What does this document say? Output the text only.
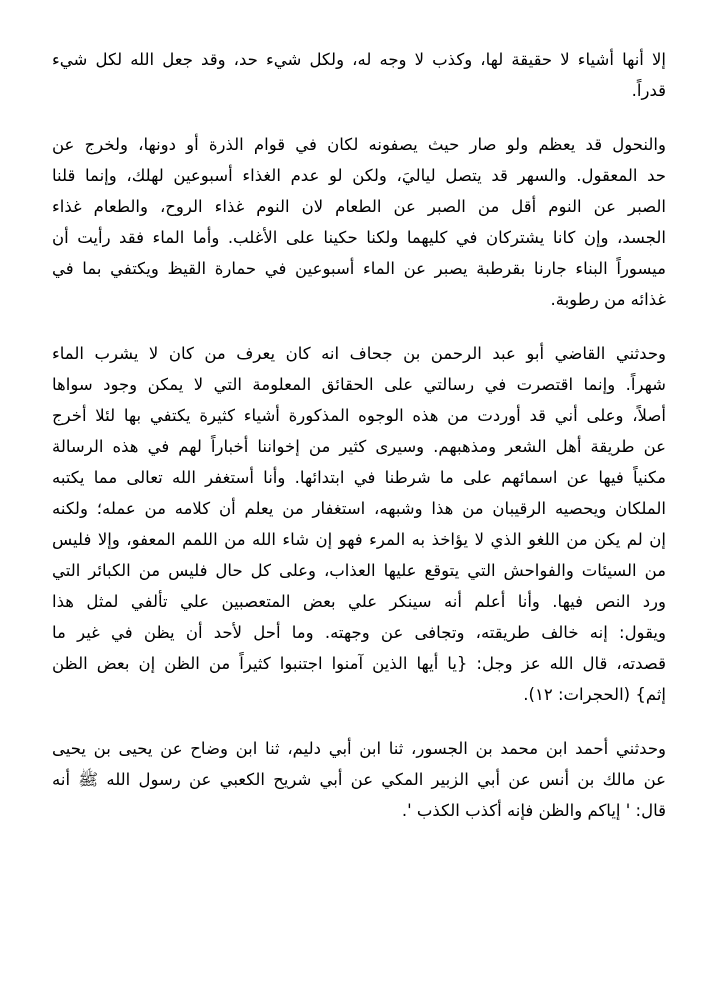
إلا أنها أشياء لا حقيقة لها، وكذب لا وجه له، ولكل شيء حد، وقد جعل الله لكل شيء
قدراً.
والنحول قد يعظم ولو صار حيث يصفونه لكان في قوام الذرة أو دونها، ولخرج عن
حد المعقول. والسهر قد يتصل لياليَ، ولكن لو عدم الغذاء أسبوعين لهلك، وإنما قلنا
الصبر عن النوم أقل من الصبر عن الطعام لان النوم غذاء الروح، والطعام غذاء
الجسد، وإن كانا يشتركان في كليهما ولكنا حكينا على الأغلب. وأما الماء فقد رأيت أن
ميسوراً البناء جارنا بقرطبة يصبر عن الماء أسبوعين في حمارة القيظ ويكتفي بما في
غذائه من رطوبة.
وحدثني القاضي أبو عبد الرحمن بن جحاف انه كان يعرف من كان لا يشرب الماء
شهراً. وإنما اقتصرت في رسالتي على الحقائق المعلومة التي لا يمكن وجود سواها
أصلاً، وعلى أني قد أوردت من هذه الوجوه المذكورة أشياء كثيرة يكتفي بها لئلا أخرج
عن طريقة أهل الشعر ومذهبهم. وسيرى كثير من إخواننا أخباراً لهم في هذه الرسالة
مكنياً فيها عن اسمائهم على ما شرطنا في ابتدائها. وأنا أستغفر الله تعالى مما يكتبه
الملكان ويحصيه الرقيبان من هذا وشبهه، استغفار من يعلم أن كلامه من عمله؛ ولكنه
إن لم يكن من اللغو الذي لا يؤاخذ به المرء فهو إن شاء الله من اللمم المعفو، وإلا فليس
من السيئات والفواحش التي يتوقع عليها العذاب، وعلى كل حال فليس من الكبائر التي
ورد النص فيها. وأنا أعلم أنه سينكر علي بعض المتعصبين علي تألفي لمثل هذا
ويقول: إنه خالف طريقته، وتجافى عن وجهته. وما أحل لأحد أن يظن في غير ما
قصدته، قال الله عز وجل: {يا أيها الذين آمنوا اجتنبوا كثيراً من الظن إن بعض الظن
إثم} (الحجرات: ١٢).
وحدثني أحمد ابن محمد بن الجسور، ثنا ابن أبي دليم، ثنا ابن وضاح عن يحيى بن يحيى
عن مالك بن أنس عن أبي الزبير المكي عن أبي شريح الكعبي عن رسول الله ﷺ أنه
قال: ' إياكم والظن فإنه أكذب الكذب '.
